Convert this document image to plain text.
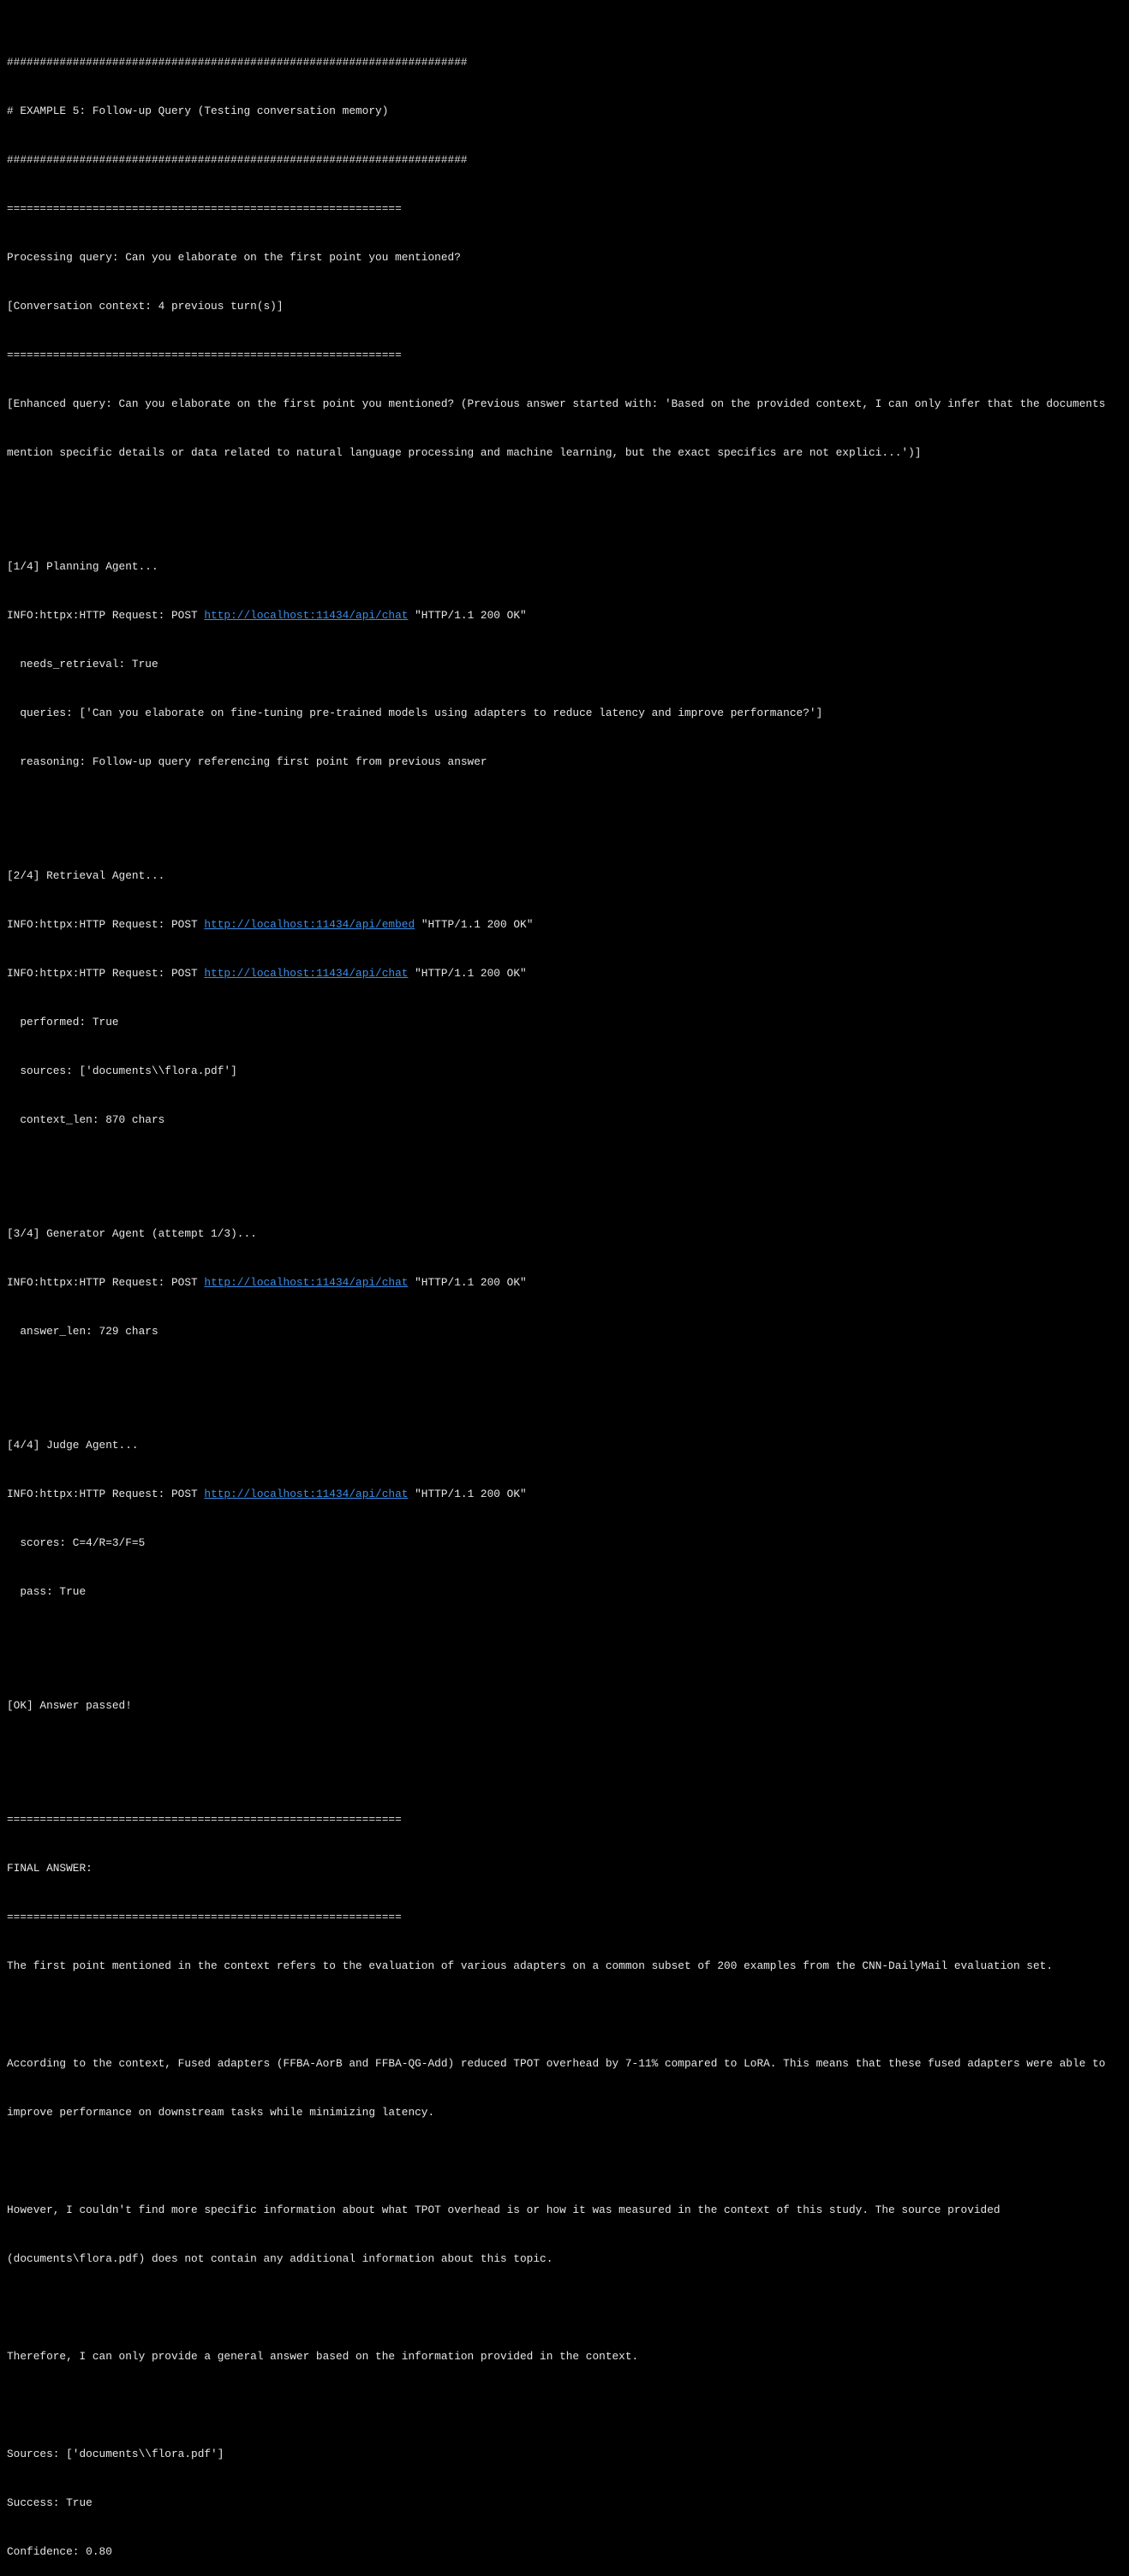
######################################################################

# EXAMPLE 5: Follow-up Query (Testing conversation memory)

######################################################################

============================================================

Processing query: Can you elaborate on the first point you mentioned?

[Conversation context: 4 previous turn(s)]

============================================================

[Enhanced query: Can you elaborate on the first point you mentioned? (Previous answer started with: 'Based on the provided context, I can only infer that the documents

mention specific details or data related to natural language processing and machine learning, but the exact specifics are not explici...')]

[1/4] Planning Agent...

INFO:httpx:HTTP Request: POST http://localhost:11434/api/chat "HTTP/1.1 200 OK"

needs_retrieval: True

queries: ['Can you elaborate on fine-tuning pre-trained models using adapters to reduce latency and improve performance?']

reasoning: Follow-up query referencing first point from previous answer

[2/4] Retrieval Agent...

INFO:httpx:HTTP Request: POST http://localhost:11434/api/embed "HTTP/1.1 200 OK"

INFO:httpx:HTTP Request: POST http://localhost:11434/api/chat "HTTP/1.1 200 OK"

performed: True

sources: ['documents\\flora.pdf']

context_len: 870 chars

[3/4] Generator Agent (attempt 1/3)...

INFO:httpx:HTTP Request: POST http://localhost:11434/api/chat "HTTP/1.1 200 OK"

answer_len: 729 chars

[4/4] Judge Agent...

INFO:httpx:HTTP Request: POST http://localhost:11434/api/chat "HTTP/1.1 200 OK"

scores: C=4/R=3/F=5

pass: True

[OK] Answer passed!

============================================================

FINAL ANSWER:

============================================================

The first point mentioned in the context refers to the evaluation of various adapters on a common subset of 200 examples from the CNN-DailyMail evaluation set.

According to the context, Fused adapters (FFBA-AorB and FFBA-QG-Add) reduced TPOT overhead by 7-11% compared to LoRA. This means that these fused adapters were able to

improve performance on downstream tasks while minimizing latency.

However, I couldn't find more specific information about what TPOT overhead is or how it was measured in the context of this study. The source provided

(documents\flora.pdf) does not contain any additional information about this topic.

Therefore, I can only provide a general answer based on the information provided in the context.

Sources: ['documents\\flora.pdf']

Success: True

Confidence: 0.80
